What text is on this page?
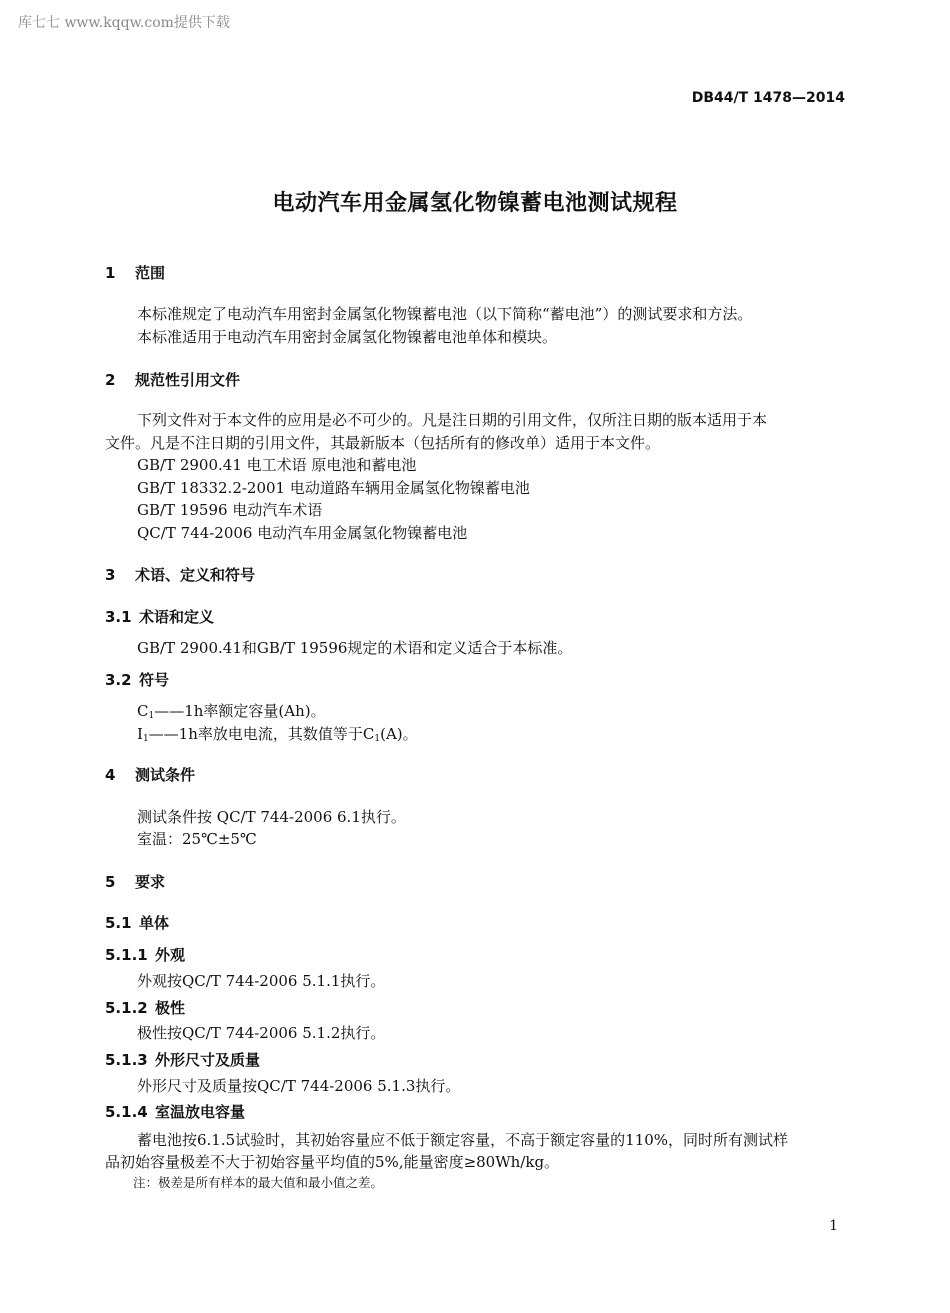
库七七 www.kqqw.com提供下载
DB44/T 1478—2014
电动汽车用金属氢化物镍蓄电池测试规程
1 范围
本标准规定了电动汽车用密封金属氢化物镍蓄电池（以下简称“蓄电池”）的测试要求和方法。
本标准适用于电动汽车用密封金属氢化物镍蓄电池单体和模块。
2 规范性引用文件
下列文件对于本文件的应用是必不可少的。凡是注日期的引用文件，仅所注日期的版本适用于本
文件。凡是不注日期的引用文件，其最新版本（包括所有的修改单）适用于本文件。
GB/T 2900.41 电工术语 原电池和蓄电池
GB/T 18332.2-2001 电动道路车辆用金属氢化物镍蓄电池
GB/T 19596 电动汽车术语
QC/T 744-2006 电动汽车用金属氢化物镍蓄电池
3 术语、定义和符号
3.1 术语和定义
GB/T 2900.41和GB/T 19596规定的术语和定义适合于本标准。
3.2 符号
$C_1——1h$率额定容量(Ah)。
$I_1——1h$率放电电流，其数值等于$C_1(A)$。
4 测试条件
测试条件按 QC/T 744-2006 6.1执行。
室温：25℃±5℃
5 要求
5.1 单体
5.1.1 外观
外观按QC/T 744-2006 5.1.1执行。
5.1.2 极性
极性按QC/T 744-2006 5.1.2执行。
5.1.3 外形尺寸及质量
外形尺寸及质量按QC/T 744-2006 5.1.3执行。
5.1.4 室温放电容量
蓄电池按6.1.5试验时，其初始容量应不低于额定容量，不高于额定容量的110%，同时所有测试样
品初始容量极差不大于初始容量平均值的5%,能量密度≥80Wh/kg。
注：极差是所有样本的最大值和最小值之差。
1
